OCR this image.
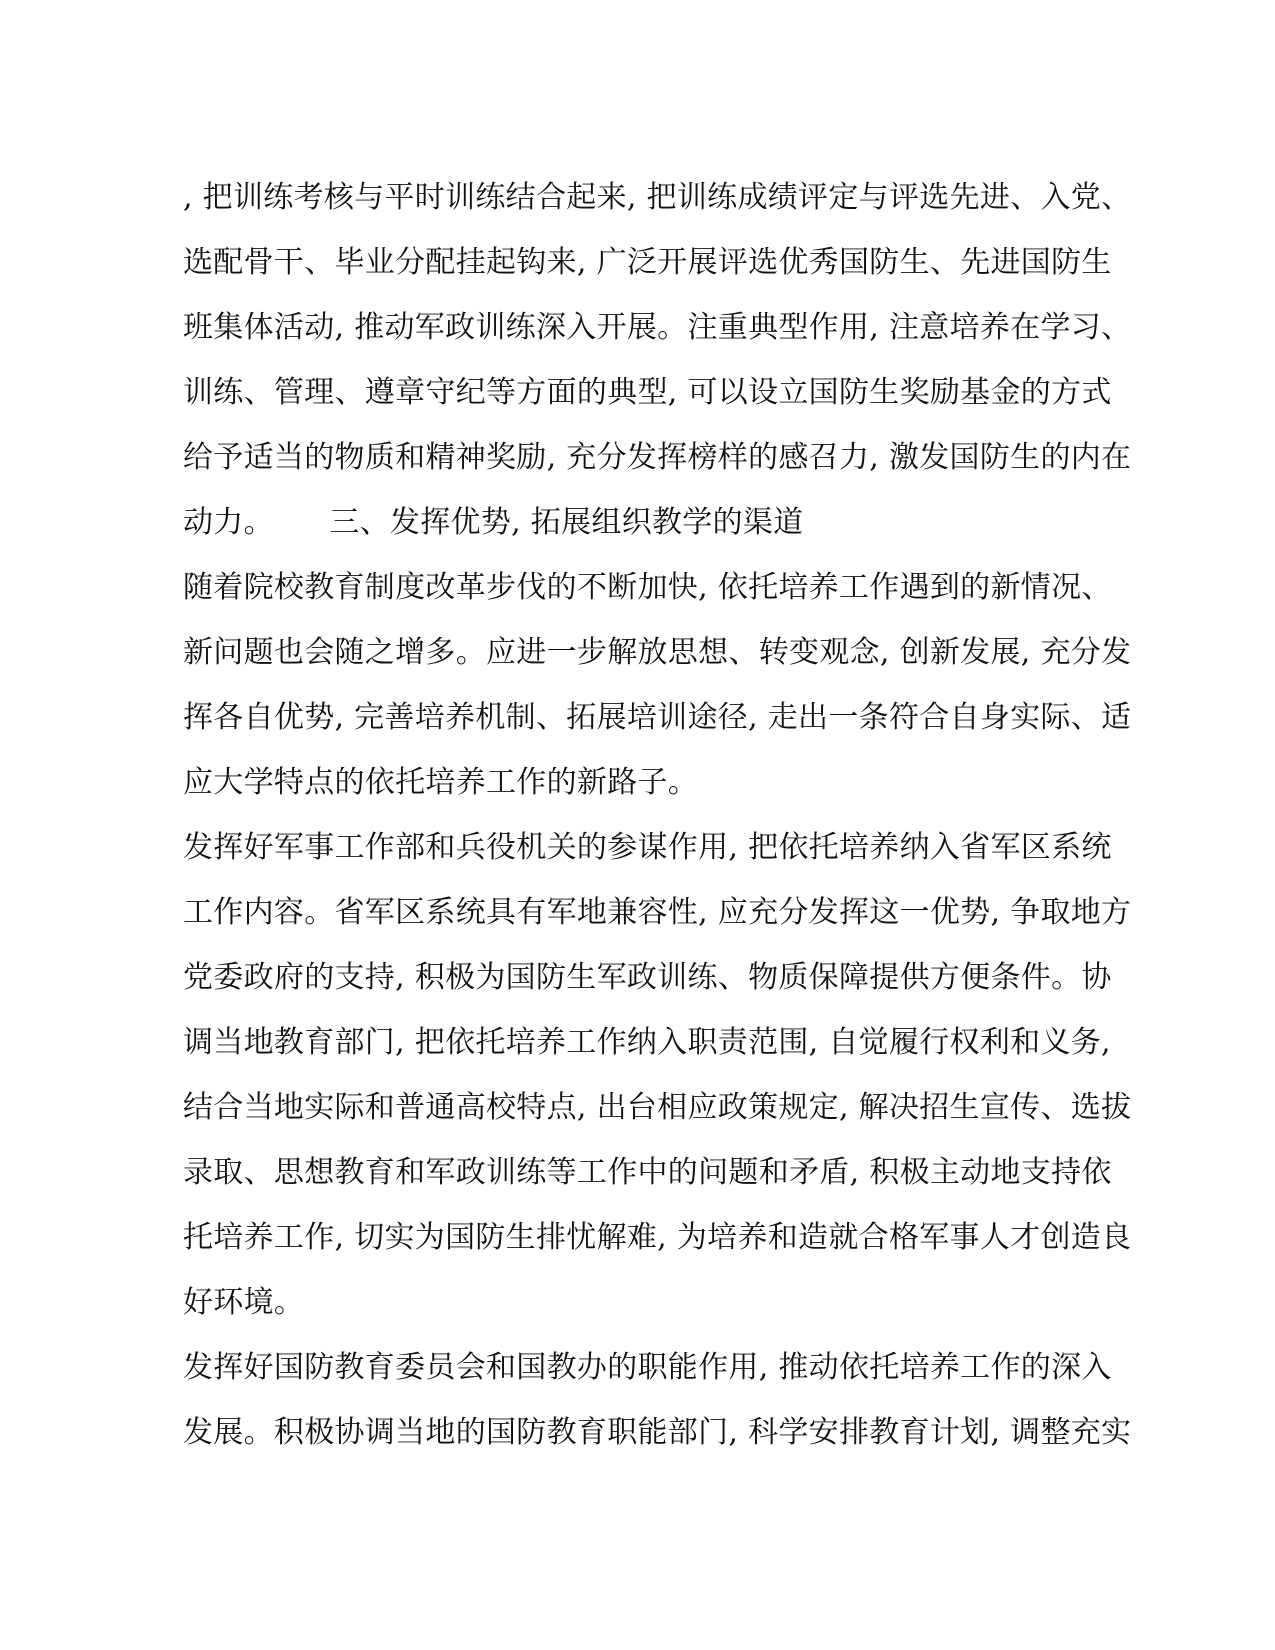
, 把训练考核与平时训练结合起来, 把训练成绩评定与评选先进、入党、
选配骨干、毕业分配挂起钩来, 广泛开展评选优秀国防生、先进国防生
班集体活动, 推动军政训练深入开展。注重典型作用, 注意培养在学习、
训练、管理、遵章守纪等方面的典型, 可以设立国防生奖励基金的方式
给予适当的物质和精神奖励, 充分发挥榜样的感召力, 激发国防生的内在
动力。　　 三、发挥优势, 拓展组织教学的渠道
随着院校教育制度改革步伐的不断加快, 依托培养工作遇到的新情况、
新问题也会随之增多。应进一步解放思想、转变观念, 创新发展, 充分发
挥各自优势, 完善培养机制、拓展培训途径, 走出一条符合自身实际、适
应大学特点的依托培养工作的新路子。
发挥好军事工作部和兵役机关的参谋作用, 把依托培养纳入省军区系统
工作内容。省军区系统具有军地兼容性, 应充分发挥这一优势, 争取地方
党委政府的支持, 积极为国防生军政训练、物质保障提供方便条件。协
调当地教育部门, 把依托培养工作纳入职责范围, 自觉履行权利和义务,
结合当地实际和普通高校特点, 出台相应政策规定, 解决招生宣传、选拔
录取、思想教育和军政训练等工作中的问题和矛盾, 积极主动地支持依
托培养工作, 切实为国防生排忧解难, 为培养和造就合格军事人才创造良
好环境。
发挥好国防教育委员会和国教办的职能作用, 推动依托培养工作的深入
发展。积极协调当地的国防教育职能部门, 科学安排教育计划, 调整充实
